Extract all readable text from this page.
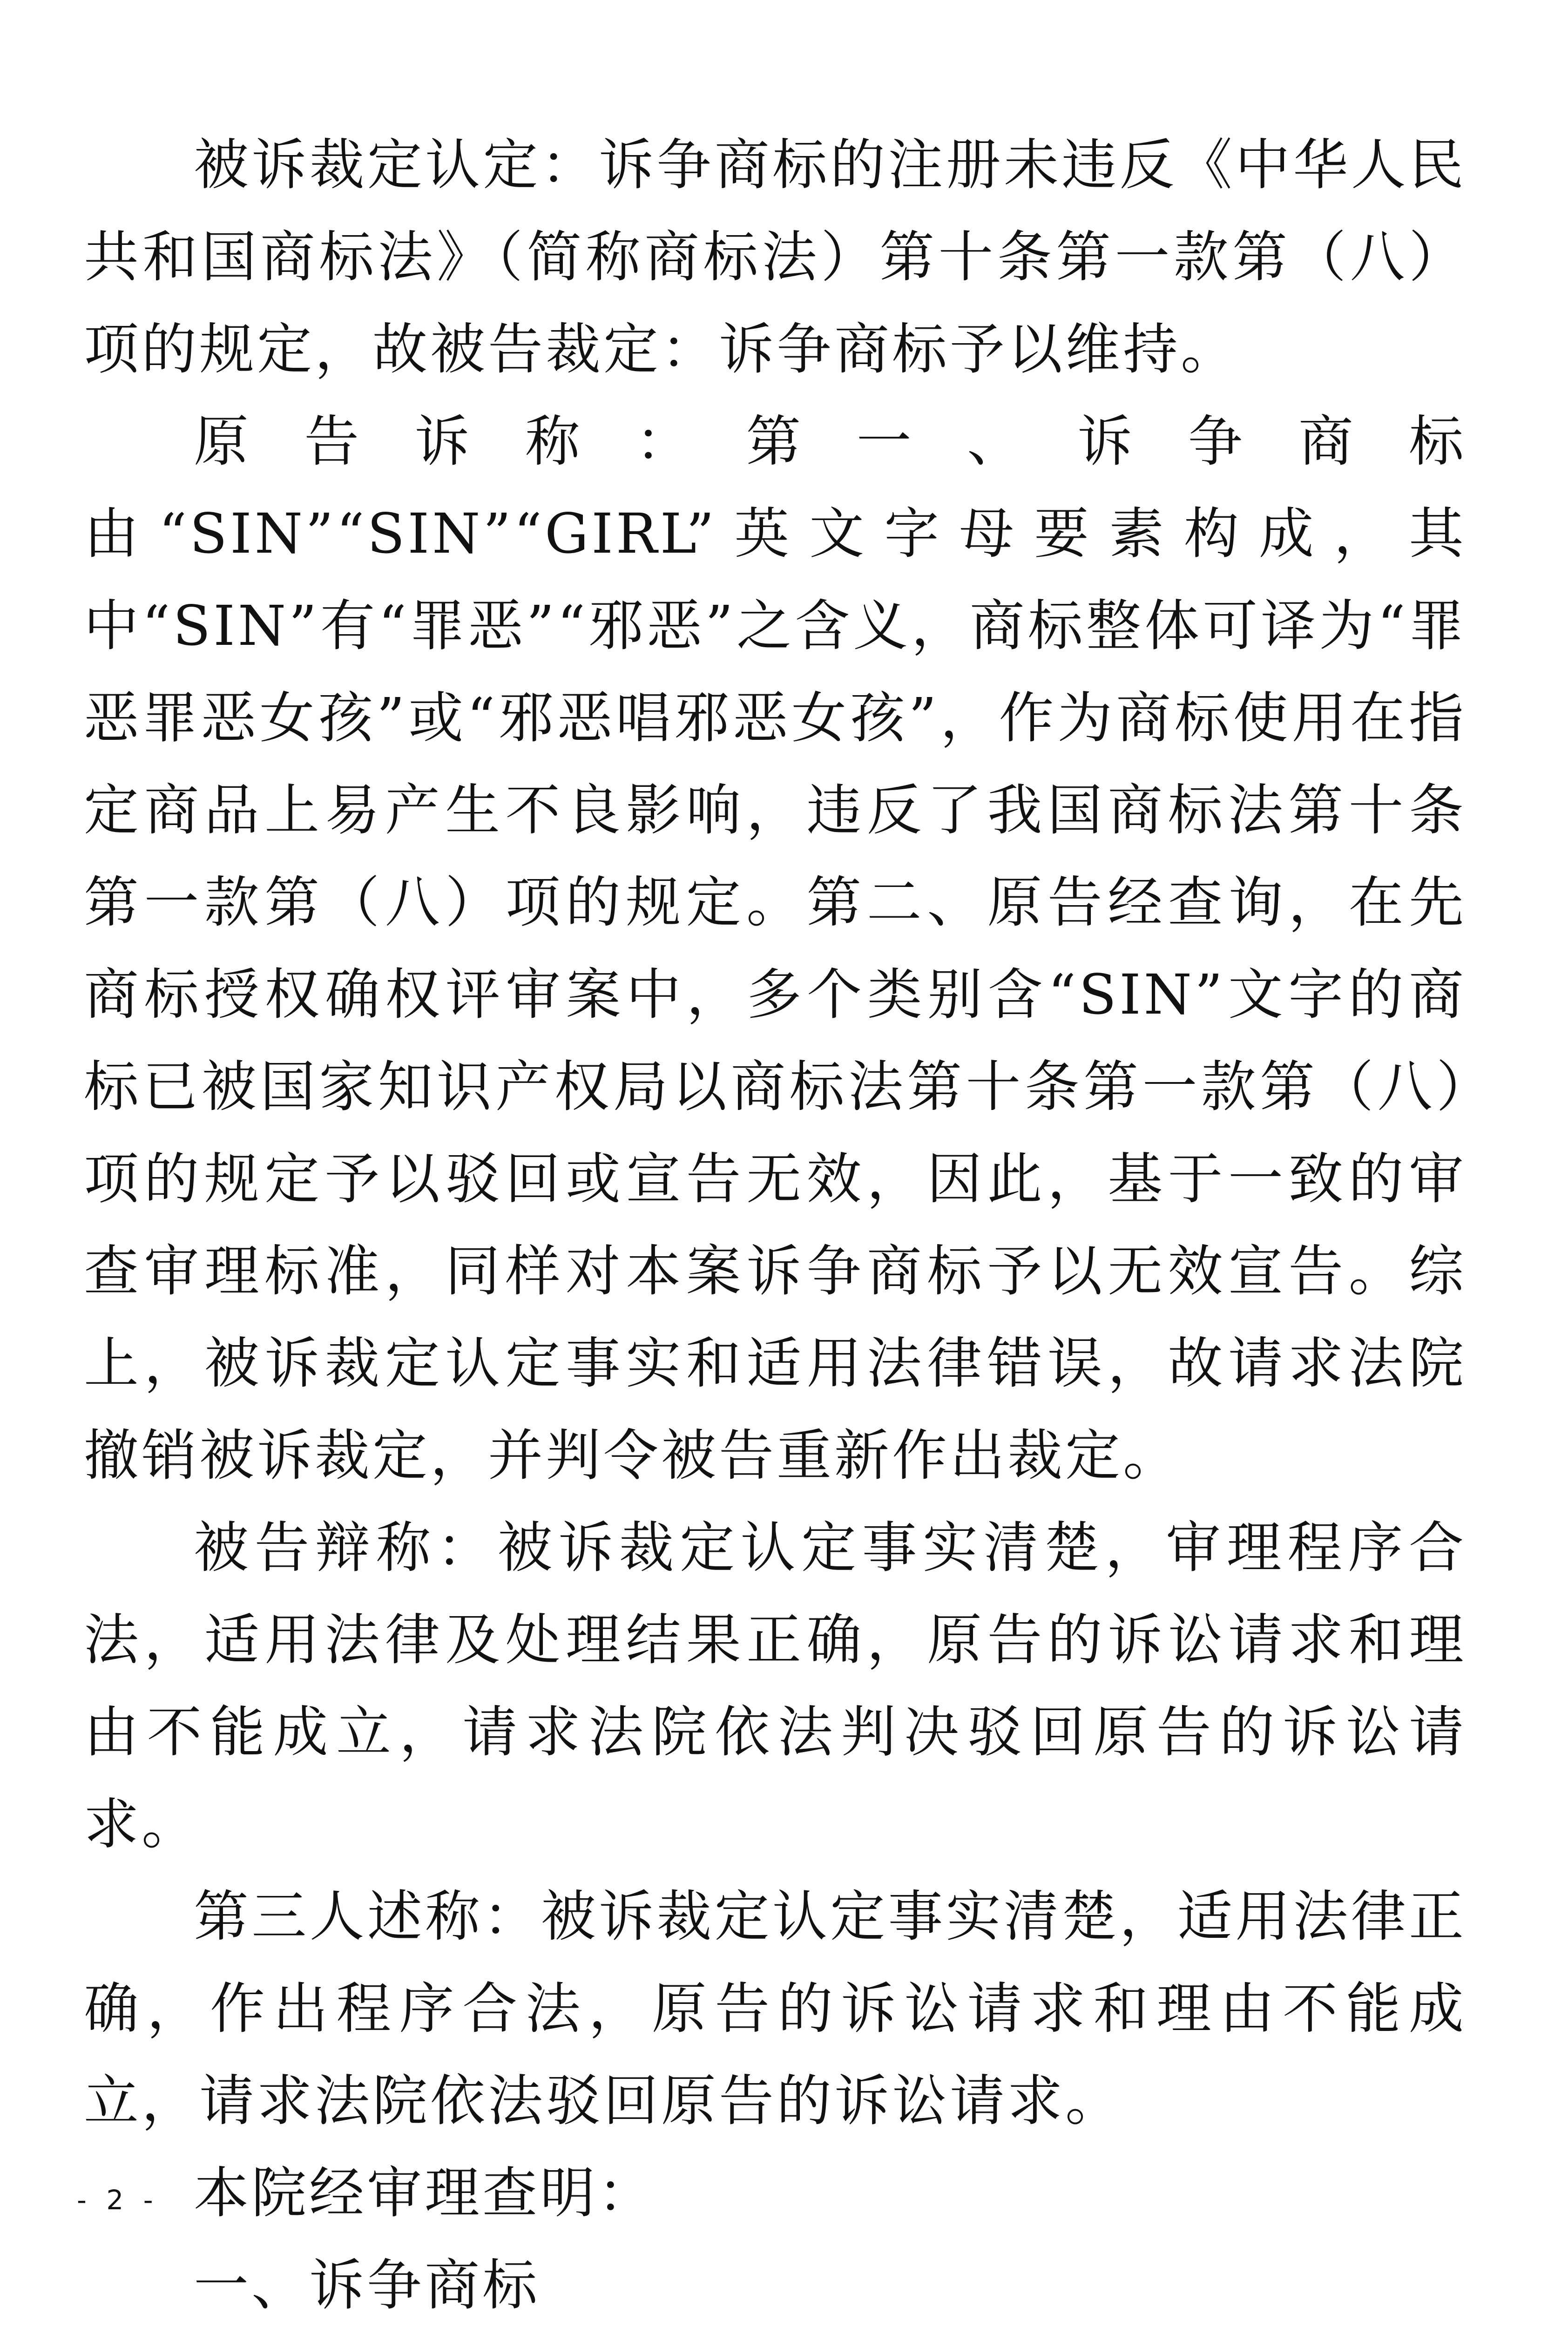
被诉裁定认定：诉争商标的注册未违反《中华人民共和国商标法》（简称商标法）第十条第一款第（八）项的规定，故被告裁定：诉争商标予以维持。

原告诉称：第一、诉争商标由“SIN”“SIN”“GIRL”英文字母要素构成，其中“SIN”有“罪恶”“邪恶”之含义，商标整体可译为“罪恶罪恶女孩”或“邪恶唱邪恶女孩”，作为商标使用在指定商品上易产生不良影响，违反了我国商标法第十条第一款第（八）项的规定。第二、原告经查询，在先商标授权确权评审案中，多个类别含“SIN”文字的商标已被国家知识产权局以商标法第十条第一款第（八）项的规定予以驳回或宣告无效，因此，基于一致的审查审理标准，同样对本案诉争商标予以无效宣告。综上，被诉裁定认定事实和适用法律错误，故请求法院撤销被诉裁定，并判令被告重新作出裁定。

被告辩称：被诉裁定认定事实清楚，审理程序合法，适用法律及处理结果正确，原告的诉讼请求和理由不能成立，请求法院依法判决驳回原告的诉讼请求。

第三人述称：被诉裁定认定事实清楚，适用法律正确，作出程序合法，原告的诉讼请求和理由不能成立，请求法院依法驳回原告的诉讼请求。

本院经审理查明：

一、诉争商标

- 2 -
